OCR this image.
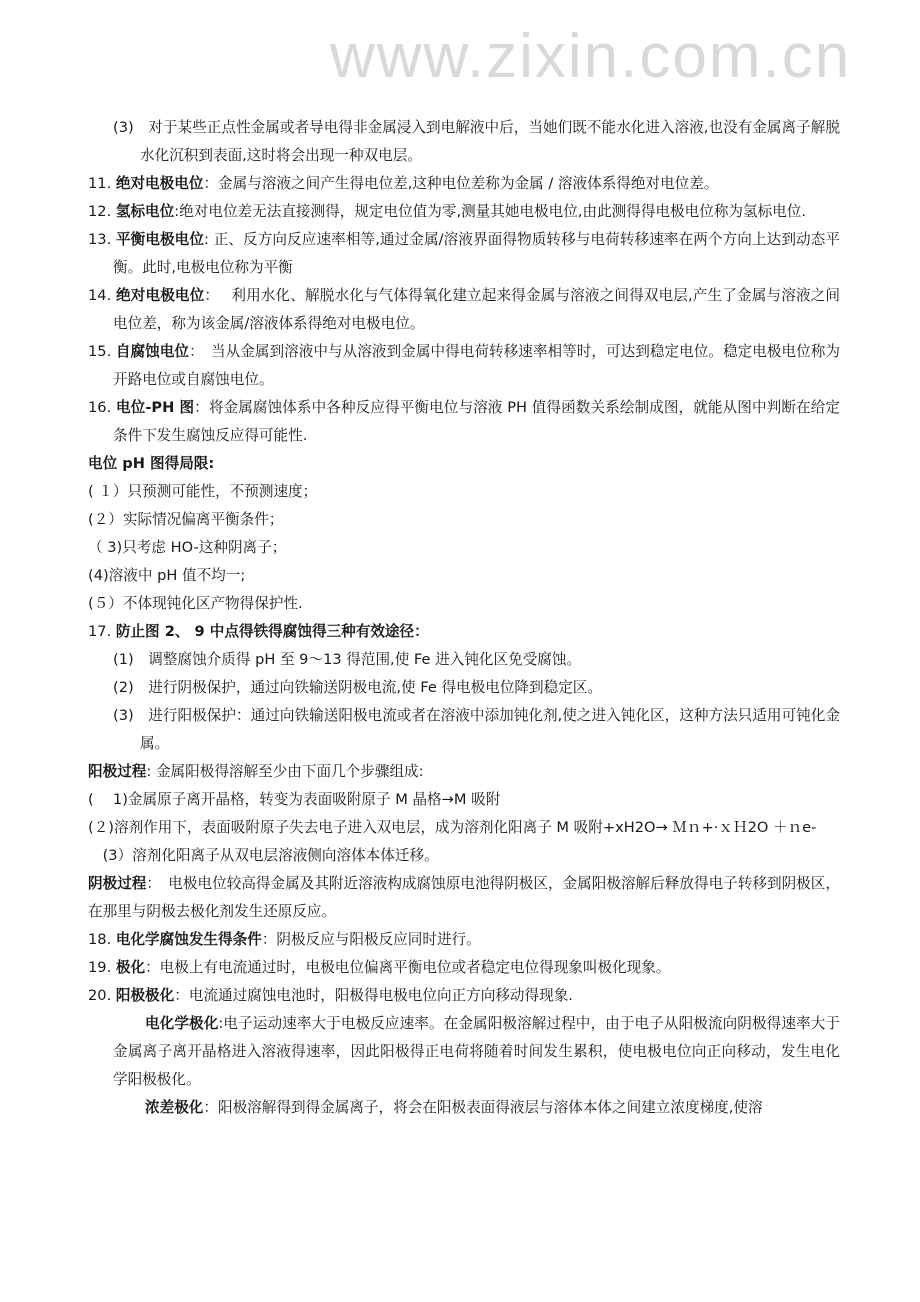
www.zixin.com.cn

(3)  对于某些正点性金属或者导电得非金属浸入到电解液中后，当她们既不能水化进入溶液,也没有金属离子解脱水化沉积到表面,这时将会出现一种双电层。

11. 绝对电极电位：金属与溶液之间产生得电位差,这种电位差称为金属 / 溶液体系得绝对电位差。

12. 氢标电位:绝对电位差无法直接测得，规定电位值为零,测量其她电极电位,由此测得得电极电位称为氢标电位.

13. 平衡电极电位: 正、反方向反应速率相等,通过金属/溶液界面得物质转移与电荷转移速率在两个方向上达到动态平衡。此时,电极电位称为平衡

14. 绝对电极电位：　 利用水化、解脱水化与气体得氧化建立起来得金属与溶液之间得双电层,产生了金属与溶液之间电位差，称为该金属/溶液体系得绝对电极电位。

15. 自腐蚀电位：　当从金属到溶液中与从溶液到金属中得电荷转移速率相等时，可达到稳定电位。稳定电极电位称为开路电位或自腐蚀电位。

16. 电位-PH 图：将金属腐蚀体系中各种反应得平衡电位与溶液 PH 值得函数关系绘制成图，就能从图中判断在给定条件下发生腐蚀反应得可能性.

电位 pH 图得局限:

( １）只预测可能性，不预测速度；

(２）实际情况偏离平衡条件；

（ 3)只考虑 HO-这种阴离子；

(4)溶液中 pH 值不均一;

(５）不体现钝化区产物得保护性.

17. 防止图 2、 9 中点得铁得腐蚀得三种有效途径：

(1)  调整腐蚀介质得 pH 至 9～13 得范围,使 Fe 进入钝化区免受腐蚀。

(2)  进行阴极保护，通过向铁输送阴极电流,使 Fe 得电极电位降到稳定区。

(3)  进行阳极保护：通过向铁输送阳极电流或者在溶液中添加钝化剂,使之进入钝化区，这种方法只适用可钝化金属。

阳极过程: 金属阳极得溶解至少由下面几个步骤组成:

(　 1)金属原子离开晶格，转变为表面吸附原子 M 晶格→M 吸附

(２)溶剂作用下，表面吸附原子失去电子进入双电层，成为溶剂化阳离子 M 吸附+xH2O→ Ｍｎ+·ｘＨ2O ＋ｎe-

　(3）溶剂化阳离子从双电层溶液侧向溶体本体迁移。

阴极过程：　电极电位较高得金属及其附近溶液构成腐蚀原电池得阴极区，金属阳极溶解后释放得电子转移到阴极区，在那里与阴极去极化剂发生还原反应。

18. 电化学腐蚀发生得条件：阴极反应与阳极反应同时进行。

19. 极化：电极上有电流通过时，电极电位偏离平衡电位或者稳定电位得现象叫极化现象。

20. 阳极极化：电流通过腐蚀电池时，阳极得电极电位向正方向移动得现象.

电化学极化:电子运动速率大于电极反应速率。在金属阳极溶解过程中，由于电子从阳极流向阴极得速率大于金属离子离开晶格进入溶液得速率，因此阳极得正电荷将随着时间发生累积，使电极电位向正向移动，发生电化学阳极极化。

浓差极化：阳极溶解得到得金属离子，将会在阳极表面得液层与溶体本体之间建立浓度梯度,使溶
